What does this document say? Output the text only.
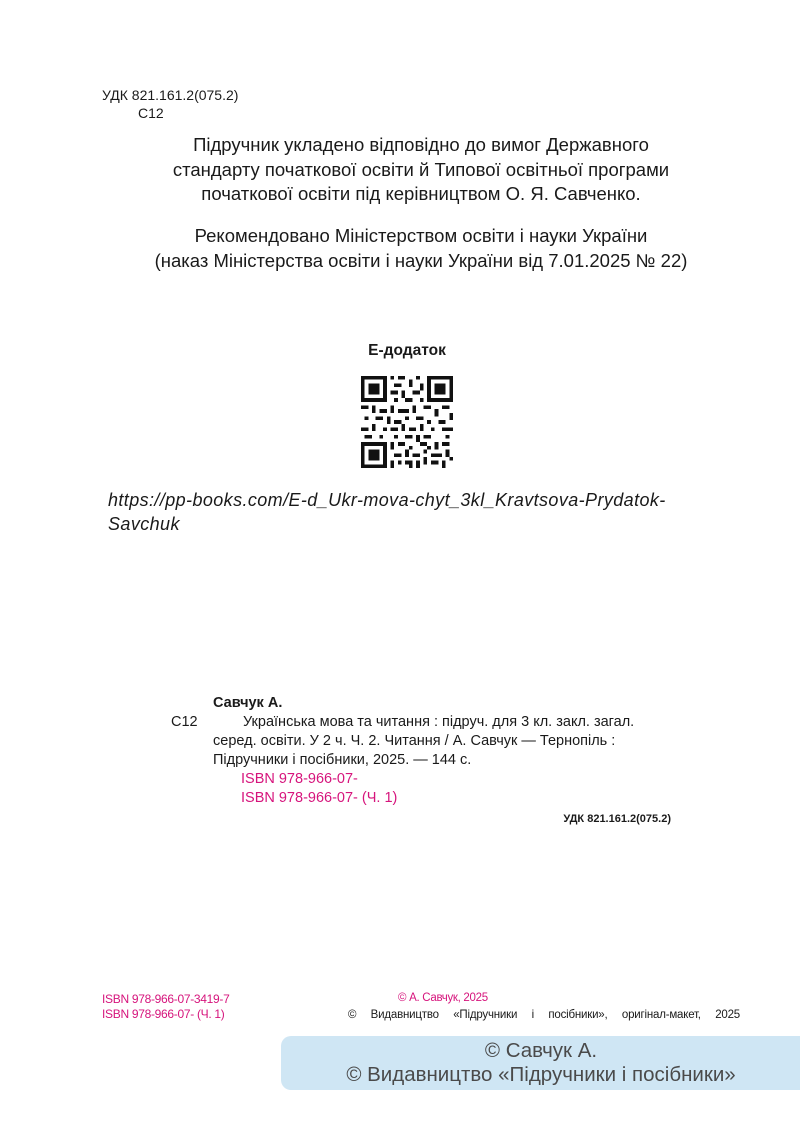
УДК 821.161.2(075.2)
С12
Підручник укладено відповідно до вимог Державного
стандарту початкової освіти й Типової освітньої програми
початкової освіти під керівництвом О. Я. Савченко.
Рекомендовано Міністерством освіти і науки України
(наказ Міністерства освіти і науки України від 7.01.2025 № 22)
Е-додаток
https://pp-books.com/E-d_Ukr-mova-chyt_3kl_Kravtsova-Prydatok-
Savchuk
Савчук А.
С12	Українська мова та читання : підруч. для 3 кл. закл. загал.
серед. освіти. У 2 ч. Ч. 2. Читання / А. Савчук — Тернопіль :
Підручники і посібники, 2025. — 144 с.
ISBN 978-966-07-
ISBN 978-966-07- (Ч. 1)
УДК 821.161.2(075.2)
ISBN 978-966-07-3419-7
ISBN 978-966-07- (Ч. 1)
© А. Савчук, 2025
© Видавництво «Підручники і посібники», оригінал-макет, 2025
© Савчук А.
© Видавництво «Підручники і посібники»
